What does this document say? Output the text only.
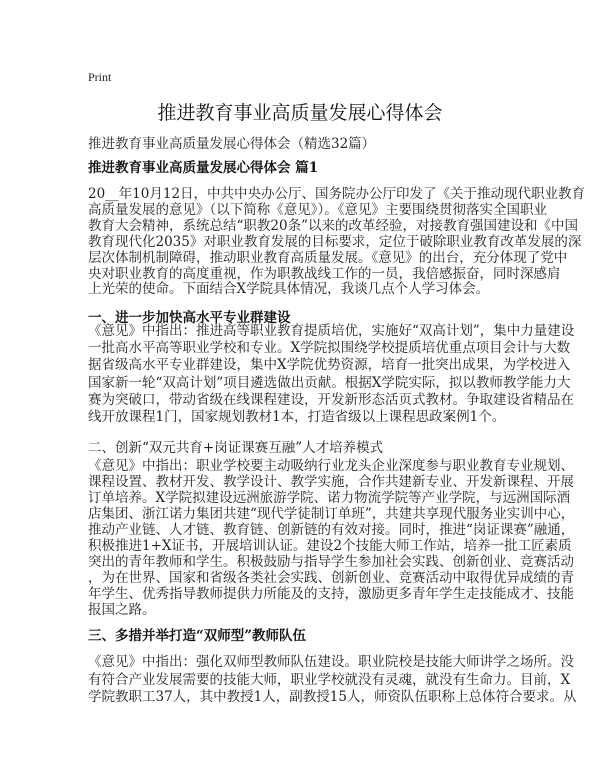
Print
推进教育事业高质量发展心得体会
推进教育事业高质量发展心得体会（精选32篇）
推进教育事业高质量发展心得体会 篇1
20__年10月12日，中共中央办公厅、国务院办公厅印发了《关于推动现代职业教育
高质量发展的意见》（以下简称《意见》）。《意见》主要围绕贯彻落实全国职业
教育大会精神，系统总结“职教20条”以来的改革经验，对接教育强国建设和《中国
教育现代化2035》对职业教育发展的目标要求，定位于破除职业教育改革发展的深
层次体制机制障碍，推动职业教育高质量发展。《意见》的出台，充分体现了党中
央对职业教育的高度重视，作为职教战线工作的一员，我倍感振奋，同时深感肩
上光荣的使命。下面结合X学院具体情况，我谈几点个人学习体会。
一、进一步加快高水平专业群建设
《意见》中指出：推进高等职业教育提质培优，实施好“双高计划”，集中力量建设
一批高水平高等职业学校和专业。X学院拟围绕学校提质培优重点项目会计与大数
据省级高水平专业群建设，集中X学院优势资源，培育一批突出成果，为学校进入
国家新一轮“双高计划”项目遴选做出贡献。根据X学院实际，拟以教师教学能力大
赛为突破口，带动省级在线课程建设，开发新形态活页式教材。争取建设省精品在
线开放课程1门，国家规划教材1本，打造省级以上课程思政案例1个。
二、创新“双元共育+岗证课赛互融”人才培养模式
《意见》中指出：职业学校要主动吸纳行业龙头企业深度参与职业教育专业规划、
课程设置、教材开发、教学设计、教学实施，合作共建新专业、开发新课程、开展
订单培养。X学院拟建设远洲旅游学院、诺力物流学院等产业学院，与远洲国际酒
店集团、浙江诺力集团共建“现代学徒制订单班”，共建共享现代服务业实训中心，
推动产业链、人才链、教育链、创新链的有效对接。同时，推进“岗证课赛”融通，
积极推进1+X证书，开展培训认证。建设2个技能大师工作站，培养一批工匠素质
突出的青年教师和学生。积极鼓励与指导学生参加社会实践、创新创业、竞赛活动
，为在世界、国家和省级各类社会实践、创新创业、竞赛活动中取得优异成绩的青
年学生、优秀指导教师提供力所能及的支持，激励更多青年学生走技能成才、技能
报国之路。
三、多措并举打造“双师型”教师队伍
《意见》中指出：强化双师型教师队伍建设。职业院校是技能大师讲学之场所。没
有符合产业发展需要的技能大师，职业学校就没有灵魂，就没有生命力。目前，X
学院教职工37人，其中教授1人，副教授15人，师资队伍职称上总体符合要求。从
